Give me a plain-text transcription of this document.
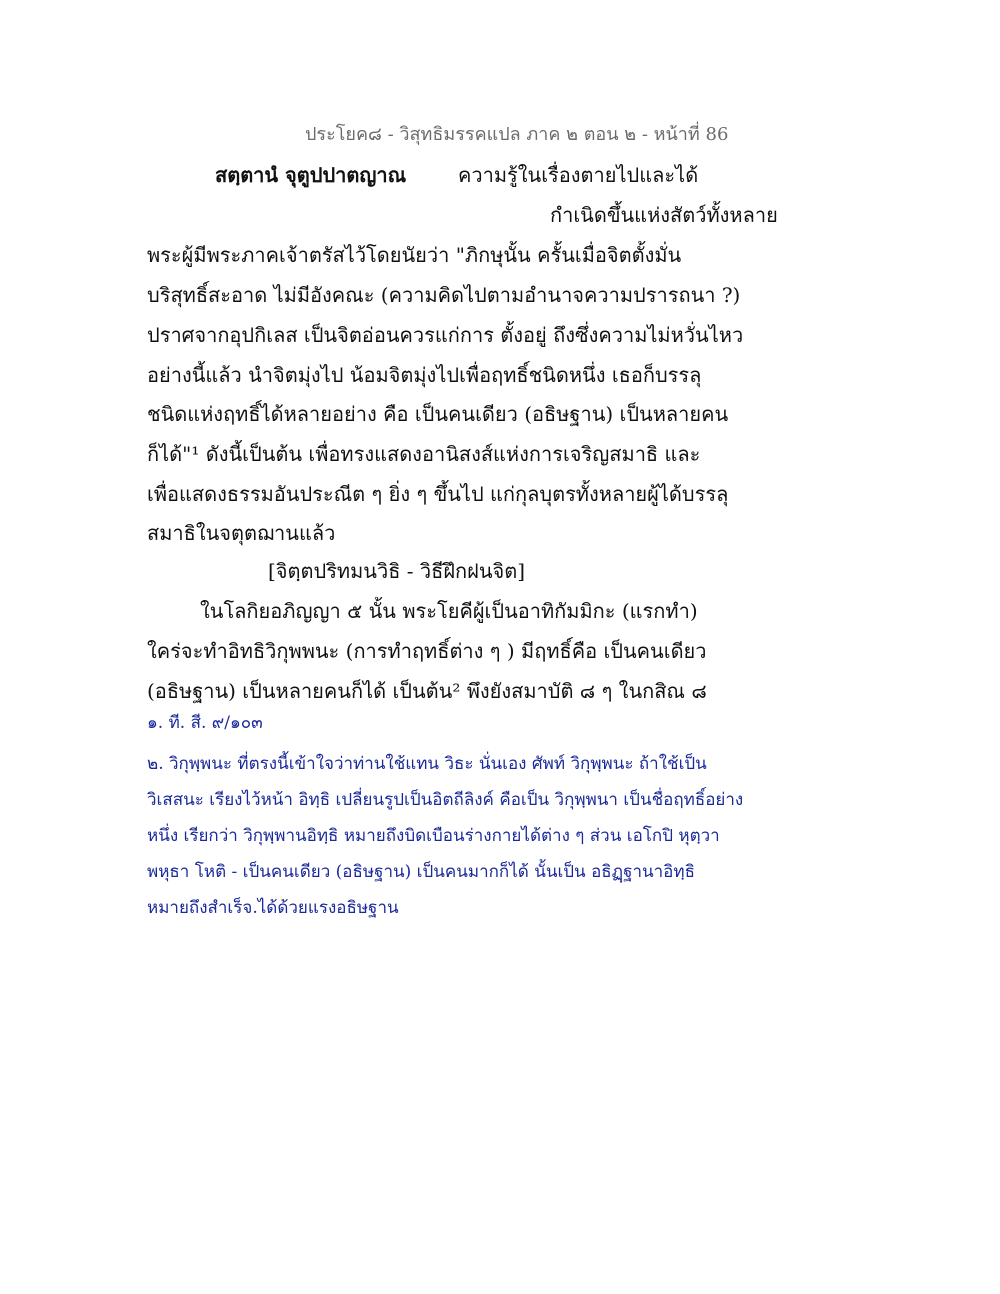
ประโยค๘ - วิสุทธิมรรคแปล ภาค ๒ ตอน ๒ - หน้าที่ 86
สตฺตานํ จุตูปปาตญาณ	ความรู้ในเรื่องตายไปและได้
กำเนิดขึ้นแห่งสัตว์ทั้งหลาย
พระผู้มีพระภาคเจ้าตรัสไว้โดยนัยว่า "ภิกษุนั้น ครั้นเมื่อจิตตั้งมั่น
บริสุทธิ์สะอาด ไม่มีอังคณะ (ความคิดไปตามอำนาจความปรารถนา ?)
ปราศจากอุปกิเลส เป็นจิตอ่อนควรแก่การ ตั้งอยู่ ถึงซึ่งความไม่หวั่นไหว
อย่างนี้แล้ว นำจิตมุ่งไป น้อมจิตมุ่งไปเพื่อฤทธิ์ชนิดหนึ่ง เธอก็บรรลุ
ชนิดแห่งฤทธิ์ได้หลายอย่าง คือ เป็นคนเดียว (อธิษฐาน) เป็นหลายคน
ก็ได้"¹ ดังนี้เป็นต้น เพื่อทรงแสดงอานิสงส์แห่งการเจริญสมาธิ และ
เพื่อแสดงธรรมอันประณีต ๆ ยิ่ง ๆ ขึ้นไป แก่กุลบุตรทั้งหลายผู้ได้บรรลุ
สมาธิในจตุตฌานแล้ว
[จิตฺตปริทมนวิธิ - วิธีฝึกฝนจิต]
ในโลกิยอภิญญา ๕ นั้น พระโยคีผู้เป็นอาทิกัมมิกะ (แรกทำ)
ใคร่จะทำอิทธิวิกุพพนะ (การทำฤทธิ์ต่าง ๆ ) มีฤทธิ์คือ เป็นคนเดียว
(อธิษฐาน) เป็นหลายคนก็ได้ เป็นต้น² พึงยังสมาบัติ ๘ ๆ ในกสิณ ๘
๑. ที. สี. ๙/๑๐๓
๒. วิกุพฺพนะ ที่ตรงนี้เข้าใจว่าท่านใช้แทน วิธะ นั่นเอง ศัพท์ วิกุพฺพนะ ถ้าใช้เป็น
วิเสสนะ เรียงไว้หน้า อิทฺธิ เปลี่ยนรูปเป็นอิตถีลิงค์ คือเป็น วิกุพฺพนา เป็นชื่อฤทธิ์อย่าง
หนึ่ง เรียกว่า วิกุพฺพานอิทฺธิ หมายถึงบิดเบือนร่างกายได้ต่าง ๆ ส่วน เอโกปิ หุตฺวา
พหุธา โหติ - เป็นคนเดียว (อธิษฐาน) เป็นคนมากก็ได้ นั้นเป็น อธิฏฺฐานาอิทฺธิ
หมายถึงสำเร็จ.ได้ด้วยแรงอธิษฐาน
